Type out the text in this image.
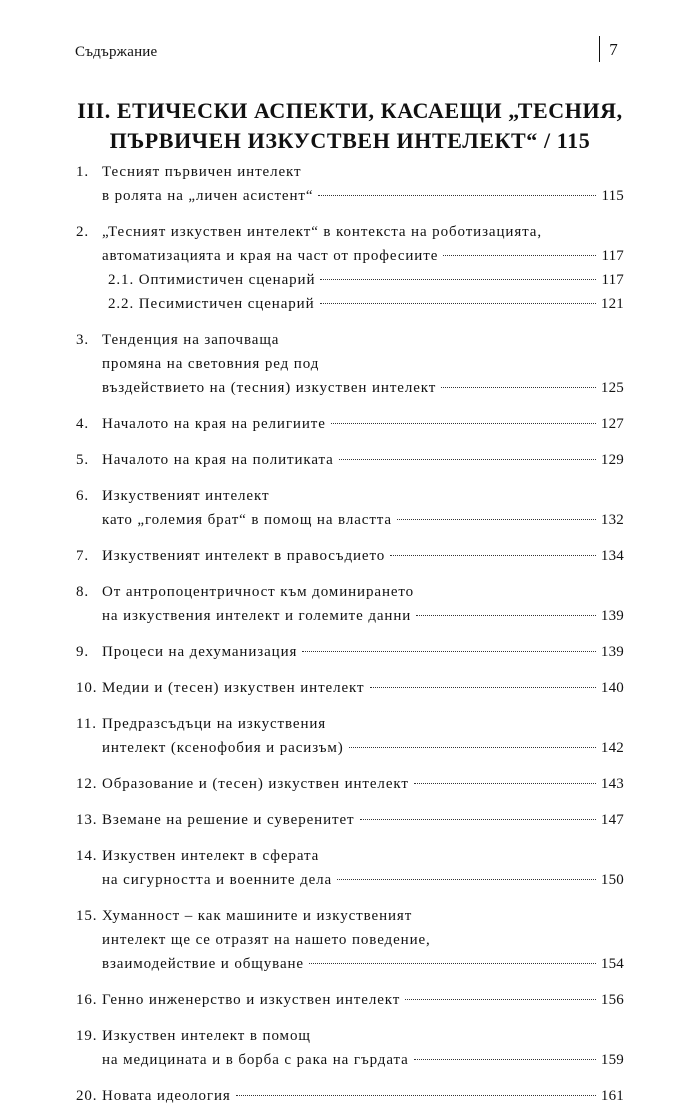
Съдържание	7
III. ЕТИЧЕСКИ АСПЕКТИ, КАСАЕЩИ „ТЕСНИЯ,
ПЪРВИЧЕН ИЗКУСТВЕН ИНТЕЛЕКТ“ / 115
1. Тесният първичен интелект
в ролята на „личен асистент“	115
2. „Тесният изкуствен интелект“ в контекста на роботизацията,
автоматизацията и края на част от професиите	117
2.1. Оптимистичен сценарий	117
2.2. Песимистичен сценарий	121
3. Тенденция на започваща
промяна на световния ред под
въздействието на (тесния) изкуствен интелект	125
4. Началото на края на религиите	127
5. Началото на края на политиката	129
6. Изкуственият интелект
като „големия брат“ в помощ на властта	132
7. Изкуственият интелект в правосъдието	134
8. От антропоцентричност към доминирането
на изкуствения интелект и големите данни	139
9. Процеси на дехуманизация	139
10. Медии и (тесен) изкуствен интелект	140
11. Предразсъдъци на изкуствения
интелект (ксенофобия и расизъм)	142
12. Образование и (тесен) изкуствен интелект	143
13. Вземане на решение и суверенитет	147
14. Изкуствен интелект в сферата
на сигурността и военните дела	150
15. Хуманност – как машините и изкуственият
интелект ще се отразят на нашето поведение,
взаимодействие и общуване	154
16. Генно инженерство и изкуствен интелект	156
19. Изкуствен интелект в помощ
на медицината и в борба с рака на гърдата	159
20. Новата идеология	161
